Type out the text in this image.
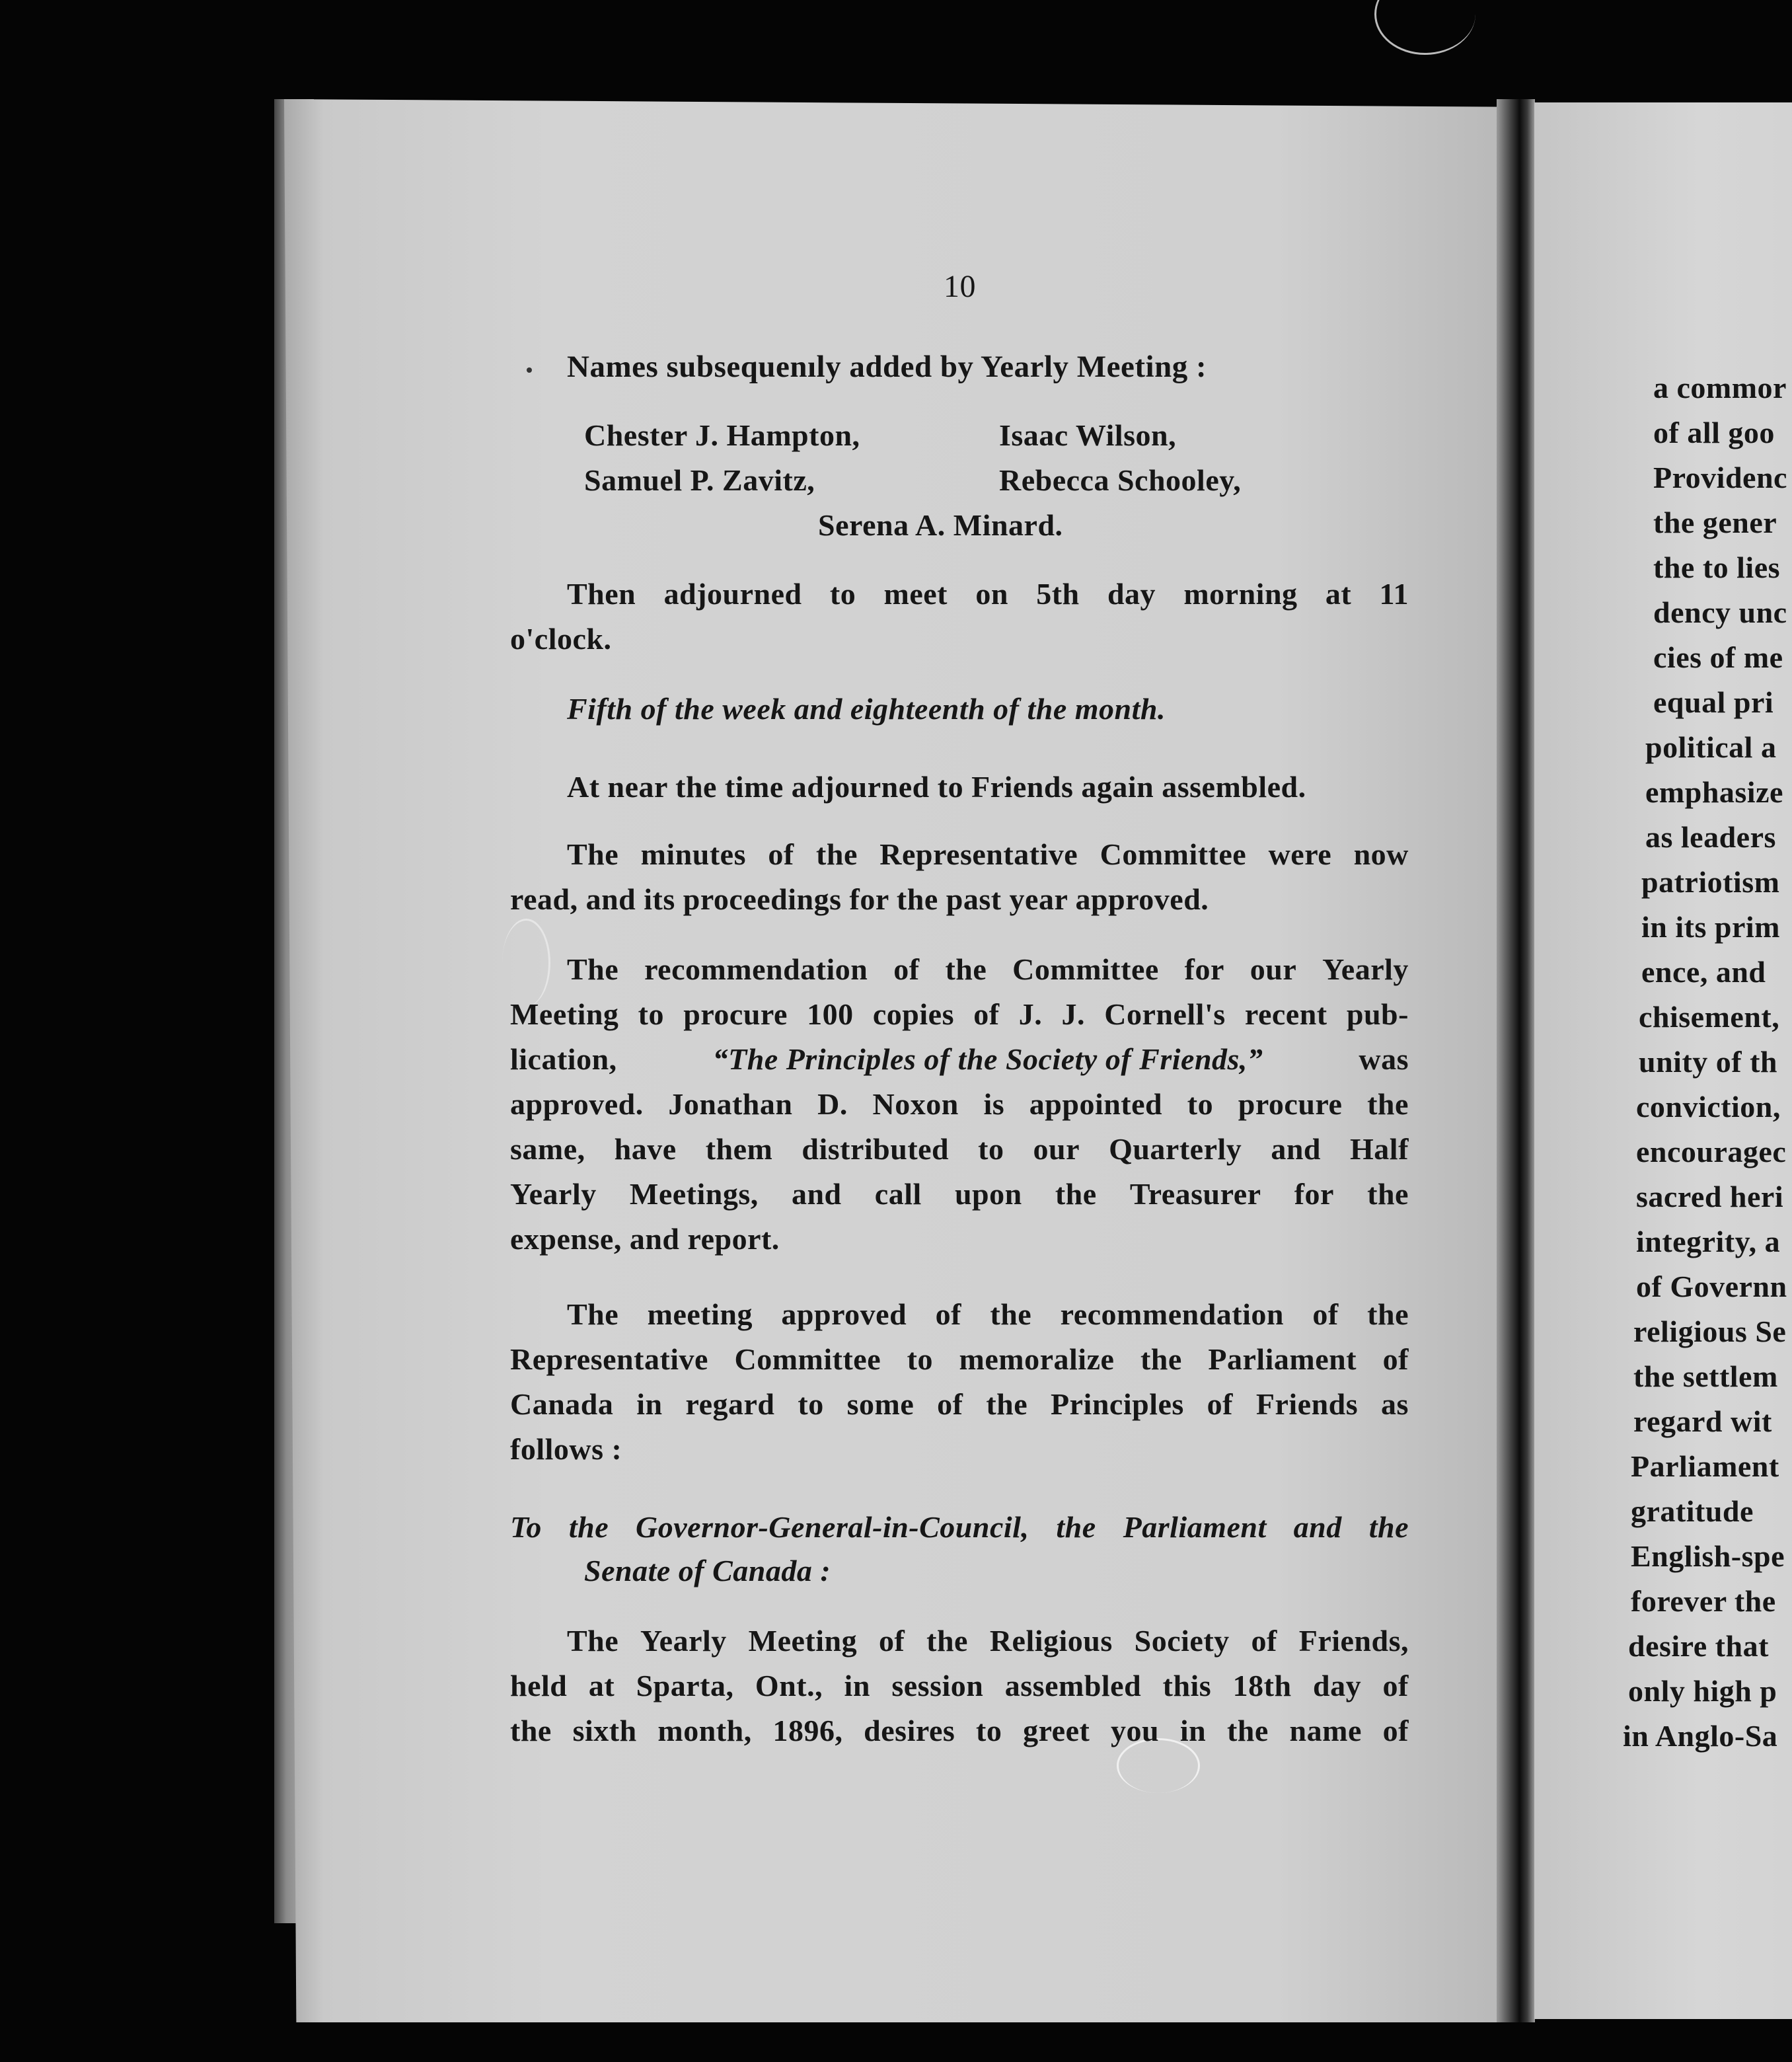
10
Names subsequenıly added by Yearly Meeting :
Chester J. Hampton,	Isaac Wilson,
Samuel P. Zavitz,	Rebecca Schooley,
Serena A. Minard.
Then adjourned to meet on 5th day morning at 11
o'clock.
Fifth of the week and eighteenth of the month.
At near the time adjourned to Friends again assembled.
The minutes of the Representative Committee were now
read, and its proceedings for the past year approved.
The recommendation of the Committee for our Yearly
Meeting to procure 100 copies of J. J. Cornell's recent pub-
lication,	“The Principles of the Society of Friends,”	was
approved. Jonathan D. Noxon is appointed to procure the
same, have them distributed to our Quarterly and Half
Yearly Meetings, and call upon the Treasurer for the
expense, and report.
The meeting approved of the recommendation of the
Representative Committee to memoralize the Parliament of
Canada in regard to some of the Principles of Friends as
follows :
To the Governor-General-in-Council, the Parliament and the
Senate of Canada :
The Yearly Meeting of the Religious Society of Friends,
held at Sparta, Ont., in session assembled this 18th day of
the sixth month, 1896, desires to greet you in the name of
a commor
of all goo
Providenc
the gener
the to lies
dency unc
cies of me
equal pri
political a
emphasize
as leaders
patriotism
in its prim
ence, and
chisement,
unity of th
conviction,
encouragec
sacred heri
integrity, a
of Governn
religious Se
the settlem
regard wit
Parliament
gratitude
English-spe
forever the
desire that
only high p
in Anglo-Sa
